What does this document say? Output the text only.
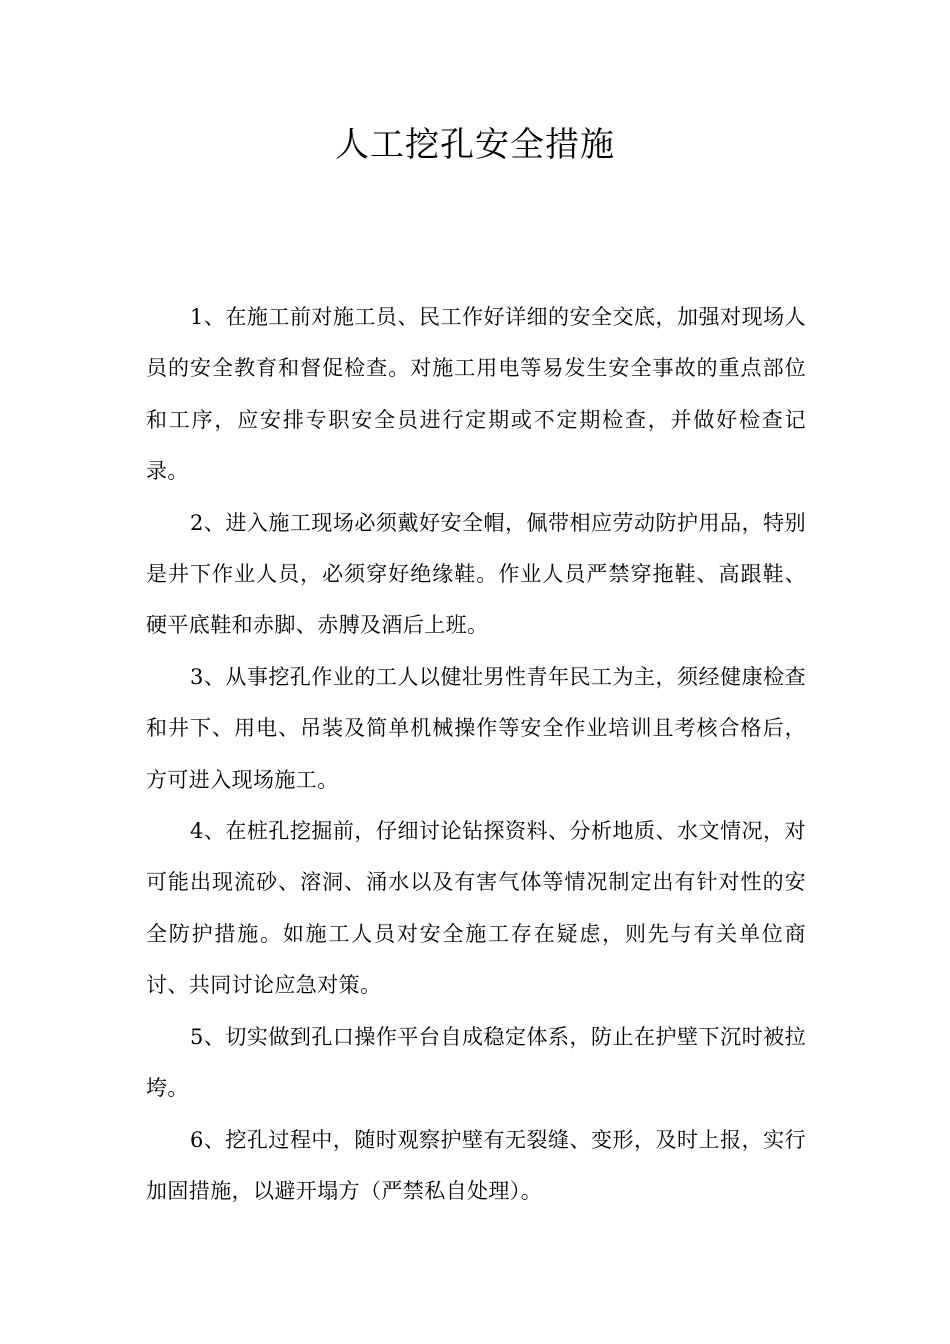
人工挖孔安全措施

1、在施工前对施工员、民工作好详细的安全交底，加强对现场人员的安全教育和督促检查。对施工用电等易发生安全事故的重点部位和工序，应安排专职安全员进行定期或不定期检查，并做好检查记录。

2、进入施工现场必须戴好安全帽，佩带相应劳动防护用品，特别是井下作业人员，必须穿好绝缘鞋。作业人员严禁穿拖鞋、高跟鞋、硬平底鞋和赤脚、赤膊及酒后上班。

3、从事挖孔作业的工人以健壮男性青年民工为主，须经健康检查和井下、用电、吊装及简单机械操作等安全作业培训且考核合格后，方可进入现场施工。

4、在桩孔挖掘前，仔细讨论钻探资料、分析地质、水文情况，对可能出现流砂、溶洞、涌水以及有害气体等情况制定出有针对性的安全防护措施。如施工人员对安全施工存在疑虑，则先与有关单位商讨、共同讨论应急对策。

5、切实做到孔口操作平台自成稳定体系，防止在护壁下沉时被拉垮。

6、挖孔过程中，随时观察护壁有无裂缝、变形，及时上报，实行加固措施，以避开塌方（严禁私自处理）。
